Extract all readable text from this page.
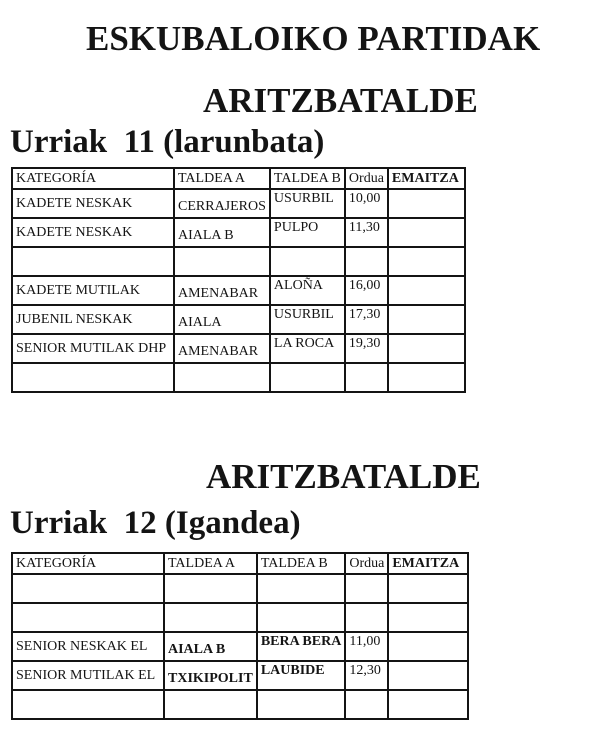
ESKUBALOIKO PARTIDAK
ARITZBATALDE
Urriak  11 (larunbata)
KATEGORÍA	TALDEA A	TALDEA B	Ordua	EMAITZA
KADETE NESKAK	CERRAJEROS	USURBIL	10,00	
KADETE NESKAK	AIALA B	PULPO	11,30	

KADETE MUTILAK	AMENABAR	ALOÑA	16,00	
JUBENIL NESKAK	AIALA	USURBIL	17,30	
SENIOR MUTILAK DHP	AMENABAR	LA ROCA	19,30	

ARITZBATALDE
Urriak  12 (Igandea)
KATEGORÍA	TALDEA A	TALDEA B	Ordua	EMAITZA

SENIOR NESKAK EL	AIALA B	BERA BERA	11,00	
SENIOR MUTILAK EL	TXIKIPOLIT	LAUBIDE	12,30	
